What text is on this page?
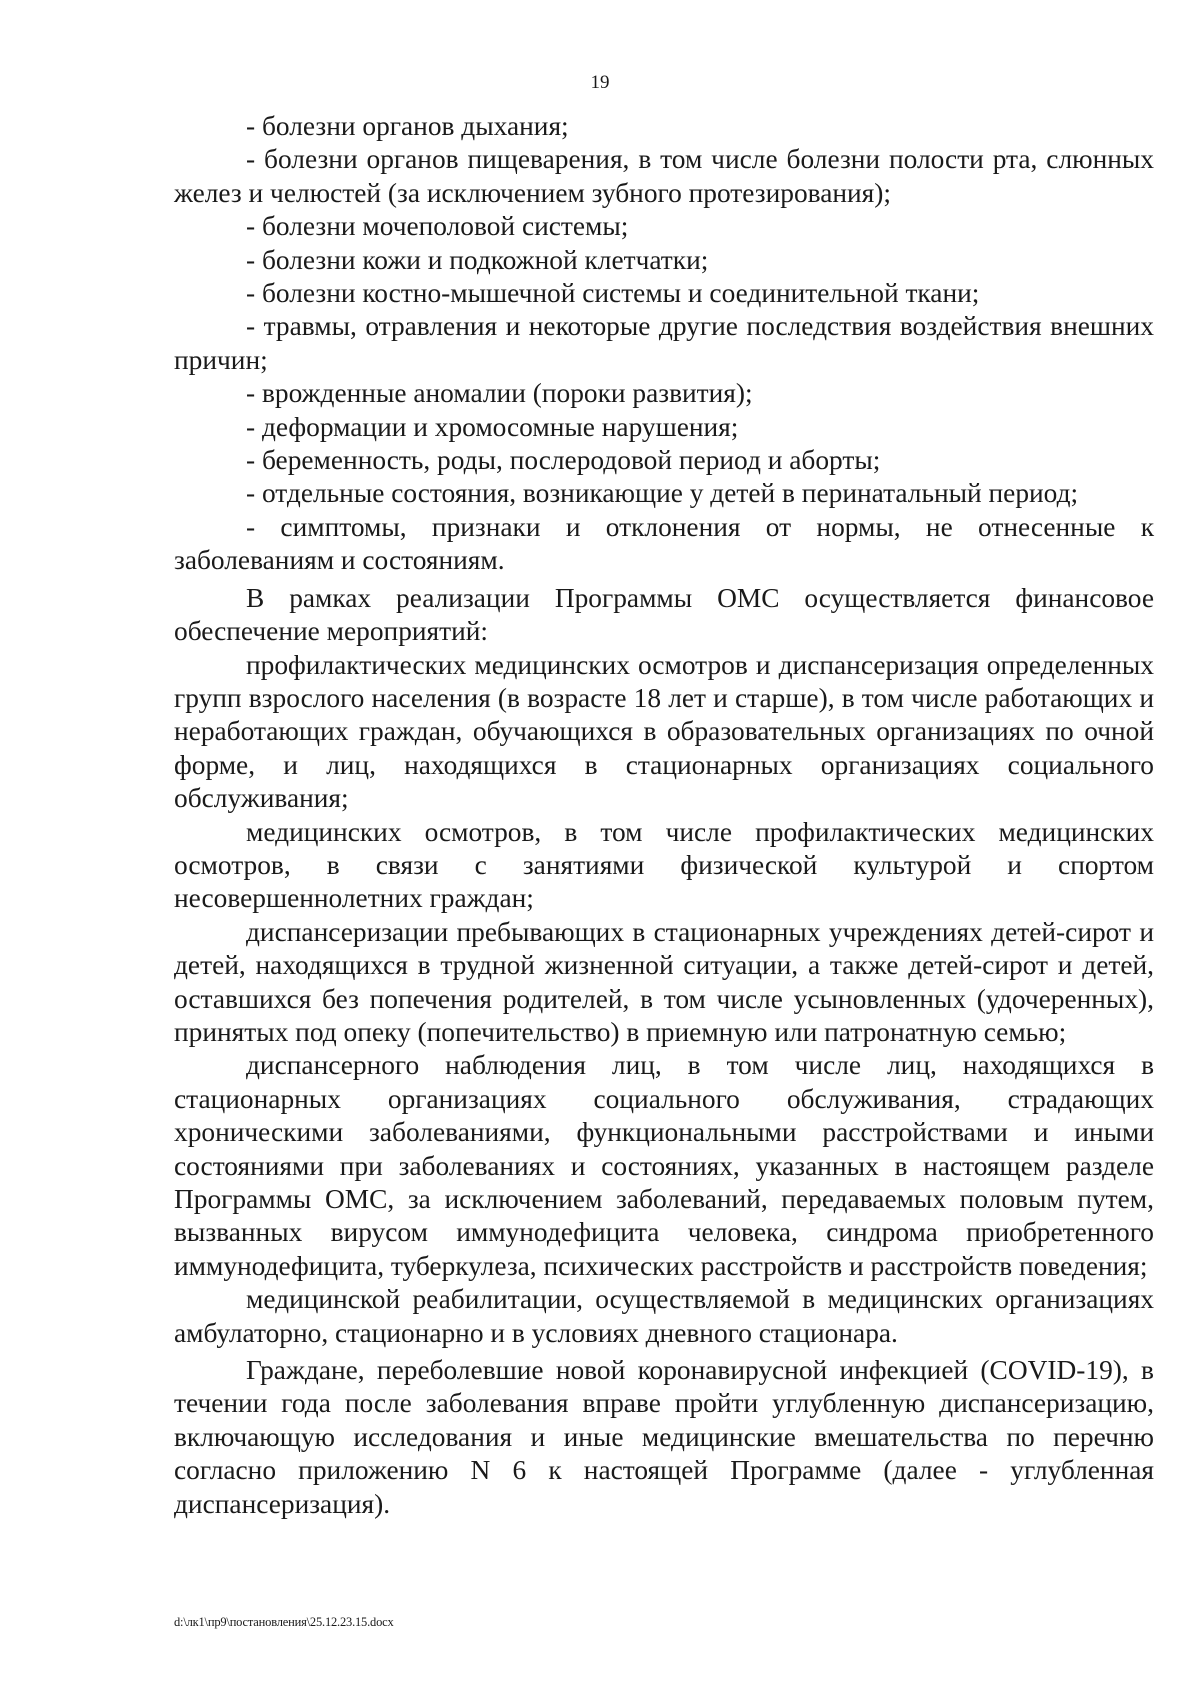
19

- болезни органов дыхания;

- болезни органов пищеварения, в том числе болезни полости рта, слюнных желез и челюстей (за исключением зубного протезирования);

- болезни мочеполовой системы;

- болезни кожи и подкожной клетчатки;

- болезни костно-мышечной системы и соединительной ткани;

- травмы, отравления и некоторые другие последствия воздействия внешних причин;

- врожденные аномалии (пороки развития);

- деформации и хромосомные нарушения;

- беременность, роды, послеродовой период и аборты;

- отдельные состояния, возникающие у детей в перинатальный период;

- симптомы, признаки и отклонения от нормы, не отнесенные к заболеваниям и состояниям.

В рамках реализации Программы ОМС осуществляется финансовое обеспечение мероприятий:

профилактических медицинских осмотров и диспансеризация определенных групп взрослого населения (в возрасте 18 лет и старше), в том числе работающих и неработающих граждан, обучающихся в образовательных организациях по очной форме, и лиц, находящихся в стационарных организациях социального обслуживания;

медицинских осмотров, в том числе профилактических медицинских осмотров, в связи с занятиями физической культурой и спортом несовершеннолетних граждан;

диспансеризации пребывающих в стационарных учреждениях детей-сирот и детей, находящихся в трудной жизненной ситуации, а также детей-сирот и детей, оставшихся без попечения родителей, в том числе усыновленных (удочеренных), принятых под опеку (попечительство) в приемную или патронатную семью;

диспансерного наблюдения лиц, в том числе лиц, находящихся в стационарных организациях социального обслуживания, страдающих хроническими заболеваниями, функциональными расстройствами и иными состояниями при заболеваниях и состояниях, указанных в настоящем разделе Программы ОМС, за исключением заболеваний, передаваемых половым путем, вызванных вирусом иммунодефицита человека, синдрома приобретенного иммунодефицита, туберкулеза, психических расстройств и расстройств поведения;

медицинской реабилитации, осуществляемой в медицинских организациях амбулаторно, стационарно и в условиях дневного стационара.

Граждане, переболевшие новой коронавирусной инфекцией (COVID-19), в течении года после заболевания вправе пройти углубленную диспансеризацию, включающую исследования и иные медицинские вмешательства по перечню согласно приложению N 6 к настоящей Программе (далее - углубленная диспансеризация).

d:\лк1\пр9\постановления\25.12.23.15.docx
